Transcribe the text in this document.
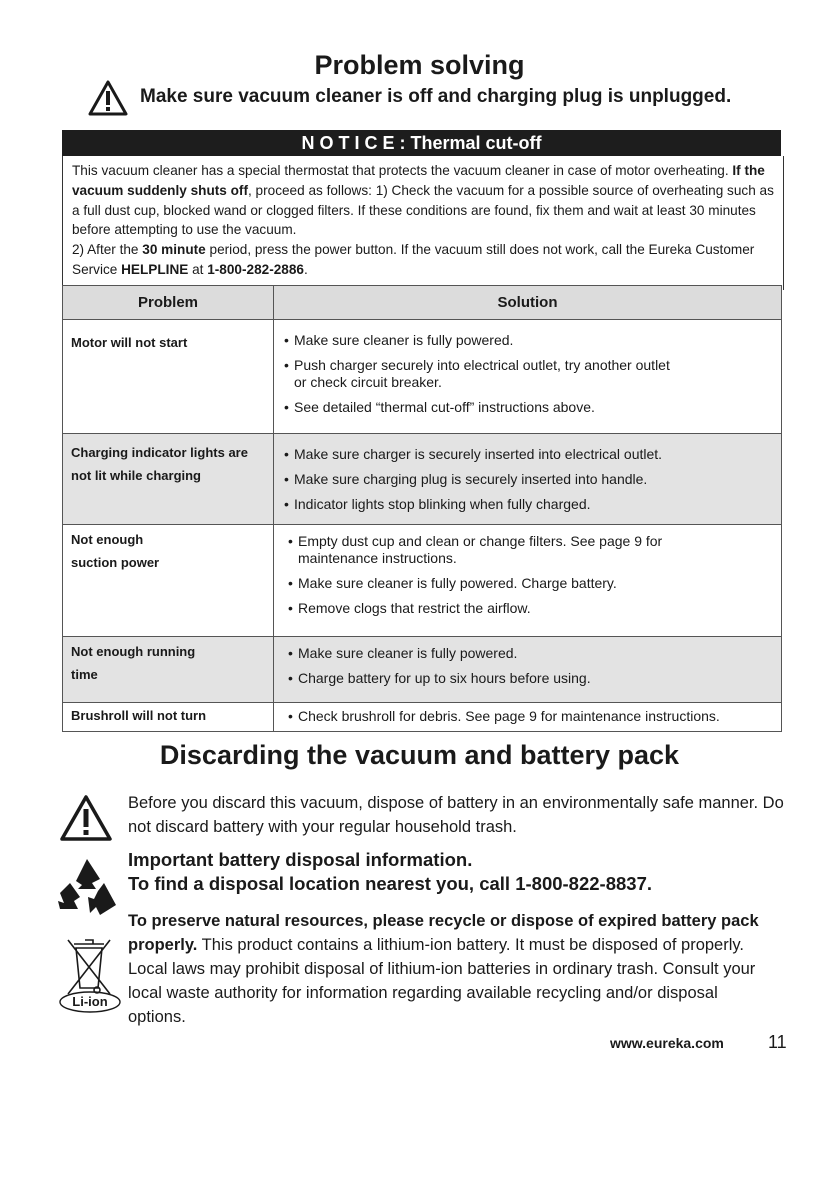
Problem solving
Make sure vacuum cleaner is off and charging plug is unplugged.
N O T I C E : Thermal cut-off
This vacuum cleaner has a special thermostat that protects the vacuum cleaner in case of motor overheating. If the vacuum suddenly shuts off, proceed as follows: 1) Check the vacuum for a possible source of overheating such as a full dust cup, blocked wand or clogged filters. If these conditions are found, fix them and wait at least 30 minutes before attempting to use the vacuum.
2) After the 30 minute period, press the power button. If the vacuum still does not work, call the Eureka Customer Service HELPLINE at 1-800-282-2886.
Problem	Solution
Motor will not start	• Make sure cleaner is fully powered.
• Push charger securely into electrical outlet, try another outlet or check circuit breaker.
• See detailed “thermal cut-off” instructions above.

Charging indicator lights are not lit while charging	• Make sure charger is securely inserted into electrical outlet.
• Make sure charging plug is securely inserted into handle.
• Indicator lights stop blinking when fully charged.

Not enough suction power	• Empty dust cup and clean or change filters. See page 9 for maintenance instructions.
• Make sure cleaner is fully powered. Charge battery.
• Remove clogs that restrict the airflow.

Not enough running time	• Make sure cleaner is fully powered.
• Charge battery for up to six hours before using.

Brushroll will not turn	• Check brushroll for debris. See page 9 for maintenance instructions.
Discarding the vacuum and battery pack
Before you discard this vacuum, dispose of battery in an environmentally safe manner. Do not discard battery with your regular household trash.
Important battery disposal information.
To find a disposal location nearest you, call 1-800-822-8837.
Li-ion
To preserve natural resources, please recycle or dispose of expired battery pack properly. This product contains a lithium-ion battery. It must be disposed of properly. Local laws may prohibit disposal of lithium-ion batteries in ordinary trash. Consult your local waste authority for information regarding available recycling and/or disposal options.
www.eureka.com 11
